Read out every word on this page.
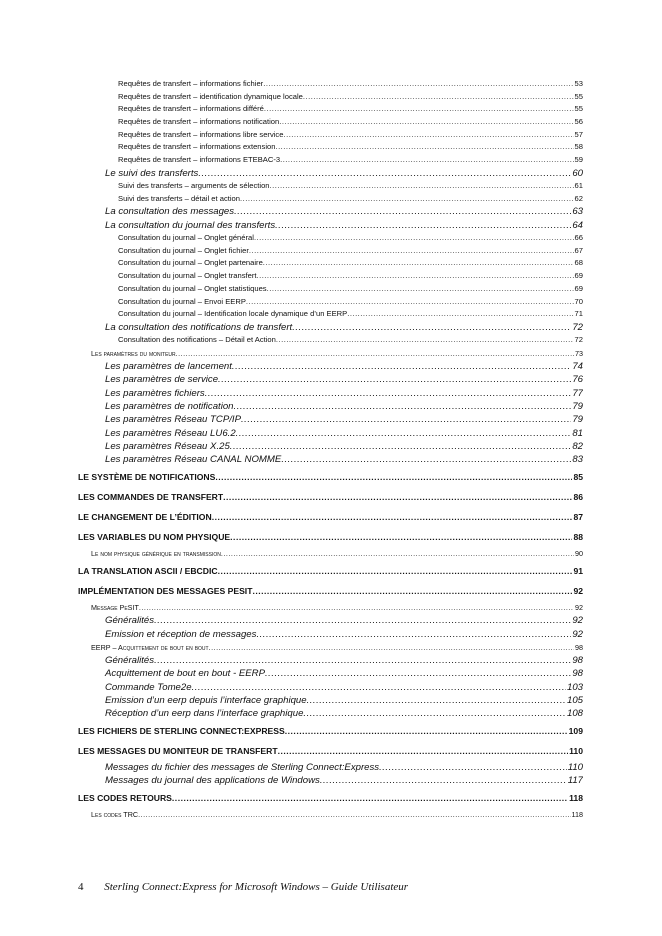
Requêtes de transfert – informations fichier .....	53
Requêtes de transfert – identification dynamique locale .....	55
Requêtes de transfert – informations différé .....	55
Requêtes de transfert – informations notification .....	56
Requêtes de transfert – informations libre service .....	57
Requêtes de transfert – informations extension .....	58
Requêtes de transfert – informations ETEBAC-3 .....	59
Le suivi des transferts .....	60
Suivi des transferts – arguments de sélection .....	61
Suivi des transferts – détail et action .....	62
La consultation des messages .....	63
La consultation du journal des transferts .....	64
Consultation du journal – Onglet général .....	66
Consultation du journal – Onglet fichier .....	67
Consultation du journal – Onglet partenaire .....	68
Consultation du journal – Onglet transfert .....	69
Consultation du journal – Onglet statistiques .....	69
Consultation du journal – Envoi EERP .....	70
Consultation du journal – Identification locale dynamique d’un EERP .....	71
La consultation des notifications de transfert .....	72
Consultation des notifications – Détail et Action .....	72
Les paramètres du moniteur .....	73
Les paramètres de lancement .....	74
Les paramètres de service .....	76
Les paramètres fichiers .....	77
Les paramètres de notification .....	79
Les paramètres Réseau TCP/IP .....	79
Les paramètres Réseau LU6.2 .....	81
Les paramètres Réseau X.25 .....	82
Les paramètres Réseau CANAL NOMME .....	83
LE SYSTÈME DE NOTIFICATIONS .....	85
LES COMMANDES DE TRANSFERT .....	86
LE CHANGEMENT DE L’ÉDITION .....	87
LES VARIABLES DU NOM PHYSIQUE .....	88
Le nom physique générique en transmission .....	90
LA TRANSLATION ASCII / EBCDIC .....	91
IMPLÉMENTATION DES MESSAGES PESIT .....	92
Message PeSIT .....	92
Généralités .....	92
Emission et réception de messages .....	92
EERP – Acquittement de bout en bout .....	98
Généralités .....	98
Acquittement de bout en bout - EERP .....	98
Commande Tome2e .....	103
Emission d’un eerp depuis l’interface graphique .....	105
Réception d’un eerp dans l’interface graphique .....	108
LES FICHIERS DE STERLING CONNECT:EXPRESS .....	109
LES MESSAGES DU MONITEUR DE TRANSFERT .....	110
Messages du fichier des messages de Sterling Connect:Express .....	110
Messages du journal des applications de Windows .....	117
LES CODES RETOURS .....	118
Les codes TRC .....	118
4 Sterling Connect:Express for Microsoft Windows – Guide Utilisateur
